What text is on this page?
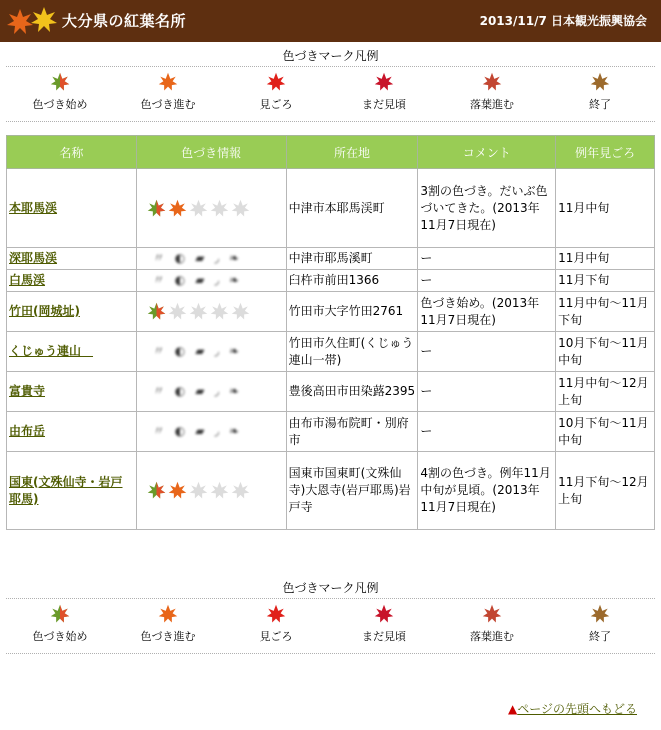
大分県の紅葉名所	2013/11/7 日本観光振興協会
色づきマーク凡例
色づき始め	色づき進む	見ごろ	まだ見頃	落葉進む	終了
名称	色づき情報	所在地	コメント	例年見ごろ
本耶馬渓		中津市本耶馬渓町	3割の色づき。だいぶ色づいてきた。(2013年11月7日現在)	11月中旬
深耶馬渓	〃 ◐ ▰ ◞ ❧	中津市耶馬溪町	ー	11月中旬
白馬渓	〃 ◐ ▰ ◞ ❧	臼杵市前田1366	ー	11月下旬
竹田(岡城址)		竹田市大字竹田2761	色づき始め。(2013年11月7日現在)	11月中旬〜11月下旬
くじゅう連山　	〃 ◐ ▰ ◞ ❧	竹田市久住町(くじゅう連山一帯)	ー	10月下旬〜11月中旬
富貴寺	〃 ◐ ▰ ◞ ❧	豊後高田市田染蕗2395	ー	11月中旬〜12月上旬
由布岳	〃 ◐ ▰ ◞ ❧	由布市湯布院町・別府市	ー	10月下旬〜11月中旬
国東(文殊仙寺・岩戸耶馬)		国東市国東町(文殊仙寺)大恩寺(岩戸耶馬)岩戸寺	4割の色づき。例年11月中旬が見頃。(2013年11月7日現在)	11月下旬〜12月上旬
色づきマーク凡例
色づき始め	色づき進む	見ごろ	まだ見頃	落葉進む	終了
▲ページの先頭へもどる
